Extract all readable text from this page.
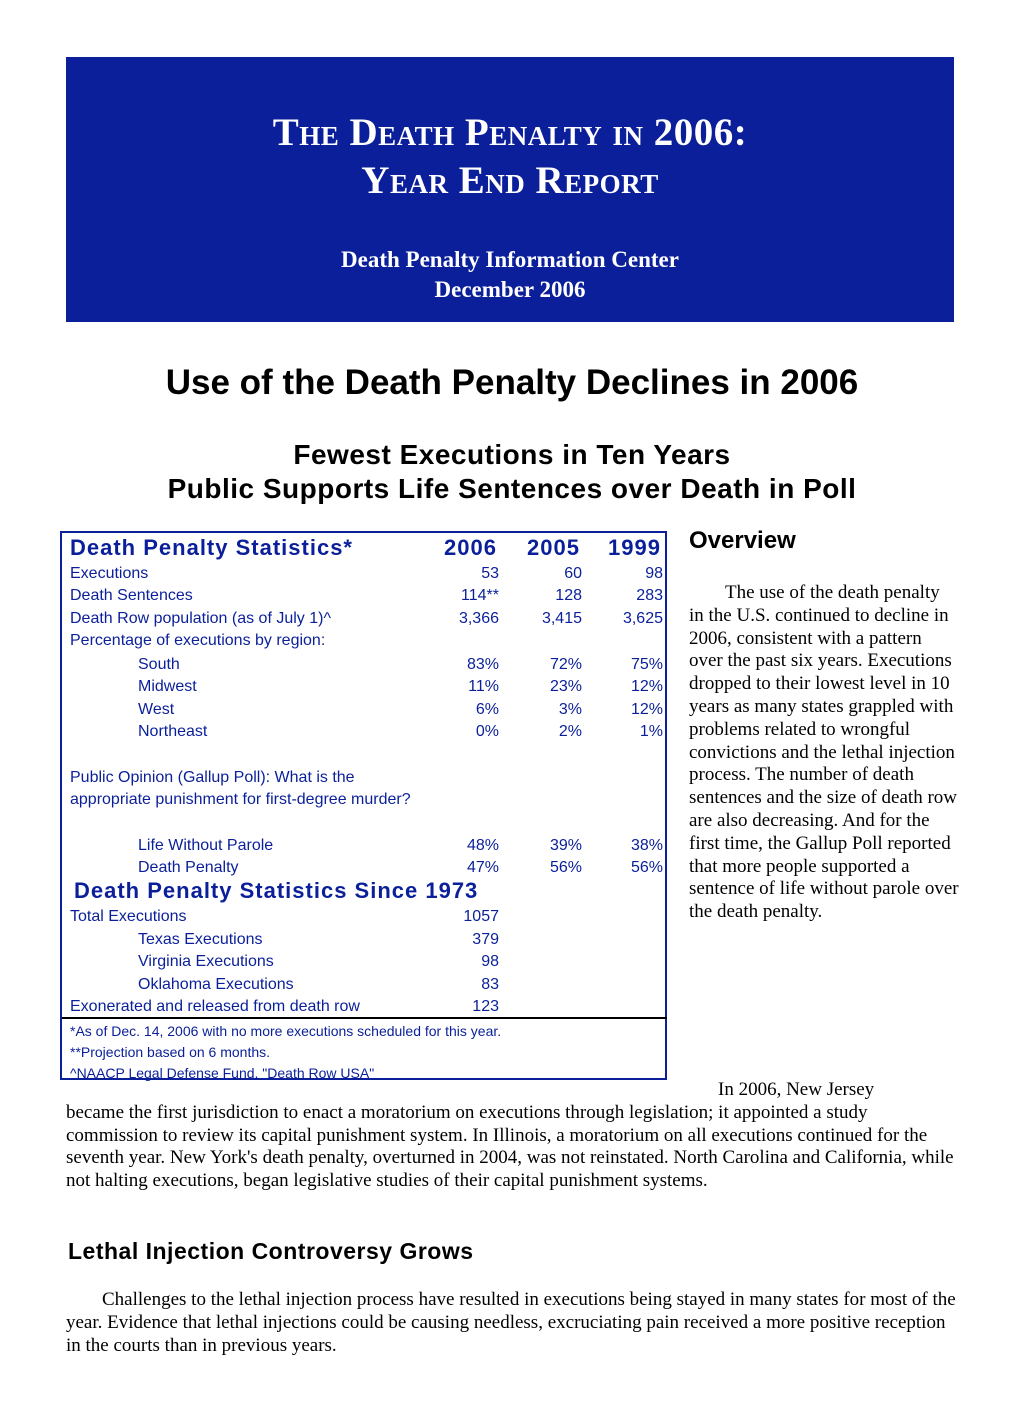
The Death Penalty in 2006:
Year End Report
Death Penalty Information Center
December 2006
Use of the Death Penalty Declines in 2006
Fewest Executions in Ten Years
Public Supports Life Sentences over Death in Poll
Death Penalty Statistics*	2006 2005 1999
Executions	53	60	98
Death Sentences	114**	128	283
Death Row population (as of July 1)^	3,366	3,415	3,625
Percentage of executions by region:
South	83%	72%	75%
Midwest	11%	23%	12%
West	6%	3%	12%
Northeast	0%	2%	1%
Public Opinion (Gallup Poll): What is the appropriate punishment for first-degree murder?
Life Without Parole	48%	39%	38%
Death Penalty	47%	56%	56%
Death Penalty Statistics Since 1973
Total Executions	1057
Texas Executions	379
Virginia Executions	98
Oklahoma Executions	83
Exonerated and released from death row	123
*As of Dec. 14, 2006 with no more executions scheduled for this year.
**Projection based on 6 months.
^NAACP Legal Defense Fund, "Death Row USA"
Overview
The use of the death penalty in the U.S. continued to decline in 2006, consistent with a pattern over the past six years. Executions dropped to their lowest level in 10 years as many states grappled with problems related to wrongful convictions and the lethal injection process. The number of death sentences and the size of death row are also decreasing. And for the first time, the Gallup Poll reported that more people supported a sentence of life without parole over the death penalty.
In 2006, New Jersey
became the first jurisdiction to enact a moratorium on executions through legislation; it appointed a study commission to review its capital punishment system. In Illinois, a moratorium on all executions continued for the seventh year. New York's death penalty, overturned in 2004, was not reinstated. North Carolina and California, while not halting executions, began legislative studies of their capital punishment systems.
Lethal Injection Controversy Grows
Challenges to the lethal injection process have resulted in executions being stayed in many states for most of the year. Evidence that lethal injections could be causing needless, excruciating pain received a more positive reception in the courts than in previous years.
